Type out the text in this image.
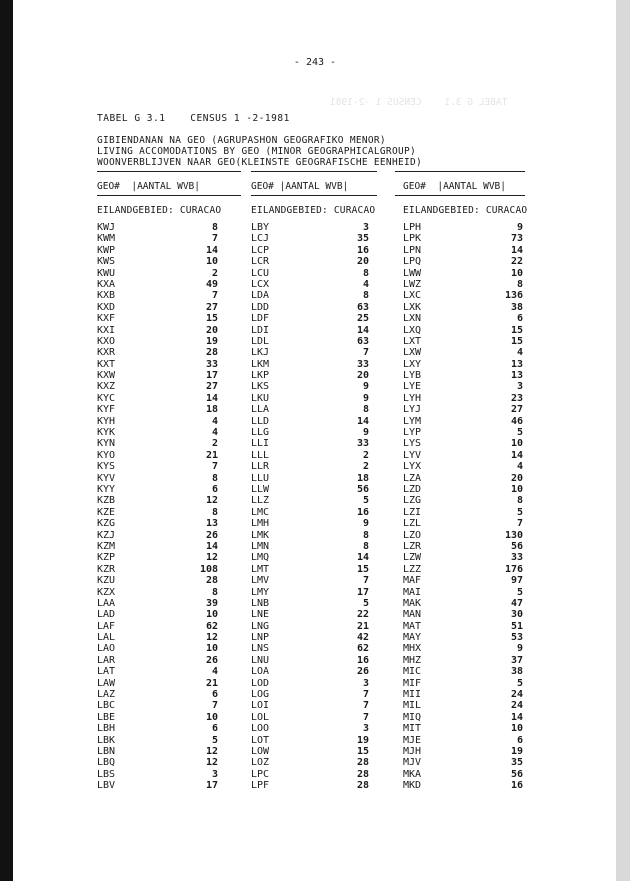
- 243 -
TABEL G 3.1    CENSUS 1 -2-1981
GIBIENDANAN NA GEO (AGRUPASHON GEOGRAFIKO MENOR)
LIVING ACCOMODATIONS BY GEO (MINOR GEOGRAPHICALGROUP)
WOONVERBLIJVEN NAAR GEO(KLEINSTE GEOGRAFISCHE EENHEID)
GEO# |AANTAL WVB|	GEO# |AANTAL WVB|	GEO# |AANTAL WVB|
EILANDGEBIED: CURACAO	EILANDGEBIED: CURACAO	EILANDGEBIED: CURACAO
TABEL G 3.1    CENSUS 1 -2-1981
KWJ	8
KWM	7
KWP	14
KWS	10
KWU	2
KXA	49
KXB	7
KXD	27
KXF	15
KXI	20
KXO	19
KXR	28
KXT	33
KXW	17
KXZ	27
KYC	14
KYF	18
KYH	4
KYK	4
KYN	2
KYO	21
KYS	7
KYV	8
KYY	6
KZB	12
KZE	8
KZG	13
KZJ	26
KZM	14
KZP	12
KZR	108
KZU	28
KZX	8
LAA	39
LAD	10
LAF	62
LAL	12
LAO	10
LAR	26
LAT	4
LAW	21
LAZ	6
LBC	7
LBE	10
LBH	6
LBK	5
LBN	12
LBQ	12
LBS	3
LBV	17
LBY	3
LCJ	35
LCP	16
LCR	20
LCU	8
LCX	4
LDA	8
LDD	63
LDF	25
LDI	14
LDL	63
LKJ	7
LKM	33
LKP	20
LKS	9
LKU	9
LLA	8
LLD	14
LLG	9
LLI	33
LLL	2
LLR	2
LLU	18
LLW	56
LLZ	5
LMC	16
LMH	9
LMK	8
LMN	8
LMQ	14
LMT	15
LMV	7
LMY	17
LNB	5
LNE	22
LNG	21
LNP	42
LNS	62
LNU	16
LOA	26
LOD	3
LOG	7
LOI	7
LOL	7
LOO	3
LOT	19
LOW	15
LOZ	28
LPC	28
LPF	28
LPH	9
LPK	73
LPN	14
LPQ	22
LWW	10
LWZ	8
LXC	136
LXK	38
LXN	6
LXQ	15
LXT	15
LXW	4
LXY	13
LYB	13
LYE	3
LYH	23
LYJ	27
LYM	46
LYP	5
LYS	10
LYV	14
LYX	4
LZA	20
LZD	10
LZG	8
LZI	5
LZL	7
LZO	130
LZR	56
LZW	33
LZZ	176
MAF	97
MAI	5
MAK	47
MAN	30
MAT	51
MAY	53
MHX	9
MHZ	37
MIC	38
MIF	5
MII	24
MIL	24
MIQ	14
MIT	10
MJE	6
MJH	19
MJV	35
MKA	56
MKD	16
